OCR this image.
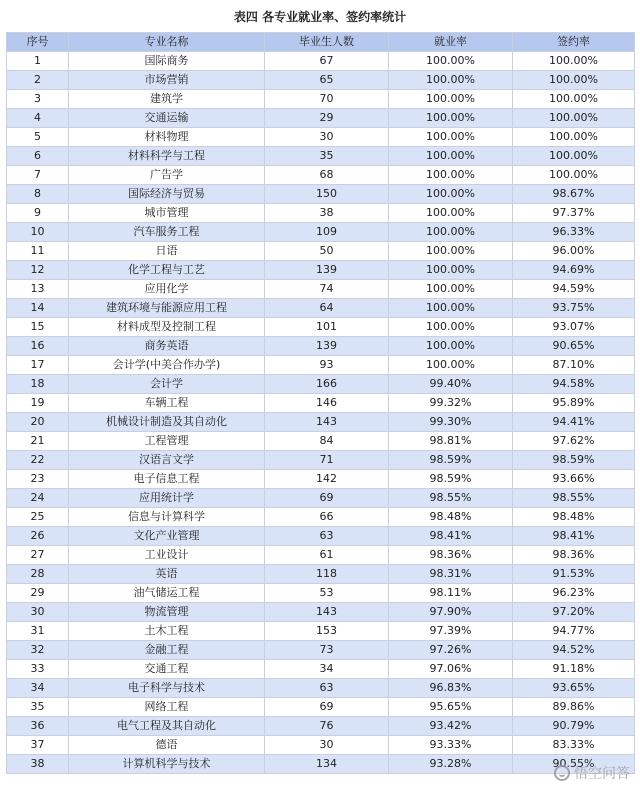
表四 各专业就业率、签约率统计
序号	专业名称	毕业生人数	就业率	签约率
1	国际商务	67	100.00%	100.00%
2	市场营销	65	100.00%	100.00%
3	建筑学	70	100.00%	100.00%
4	交通运输	29	100.00%	100.00%
5	材料物理	30	100.00%	100.00%
6	材料科学与工程	35	100.00%	100.00%
7	广告学	68	100.00%	100.00%
8	国际经济与贸易	150	100.00%	98.67%
9	城市管理	38	100.00%	97.37%
10	汽车服务工程	109	100.00%	96.33%
11	日语	50	100.00%	96.00%
12	化学工程与工艺	139	100.00%	94.69%
13	应用化学	74	100.00%	94.59%
14	建筑环境与能源应用工程	64	100.00%	93.75%
15	材料成型及控制工程	101	100.00%	93.07%
16	商务英语	139	100.00%	90.65%
17	会计学(中美合作办学)	93	100.00%	87.10%
18	会计学	166	99.40%	94.58%
19	车辆工程	146	99.32%	95.89%
20	机械设计制造及其自动化	143	99.30%	94.41%
21	工程管理	84	98.81%	97.62%
22	汉语言文学	71	98.59%	98.59%
23	电子信息工程	142	98.59%	93.66%
24	应用统计学	69	98.55%	98.55%
25	信息与计算科学	66	98.48%	98.48%
26	文化产业管理	63	98.41%	98.41%
27	工业设计	61	98.36%	98.36%
28	英语	118	98.31%	91.53%
29	油气储运工程	53	98.11%	96.23%
30	物流管理	143	97.90%	97.20%
31	土木工程	153	97.39%	94.77%
32	金融工程	73	97.26%	94.52%
33	交通工程	34	97.06%	91.18%
34	电子科学与技术	63	96.83%	93.65%
35	网络工程	69	95.65%	89.86%
36	电气工程及其自动化	76	93.42%	90.79%
37	德语	30	93.33%	83.33%
38	计算机科学与技术	134	93.28%	90.55%
悟空问答
